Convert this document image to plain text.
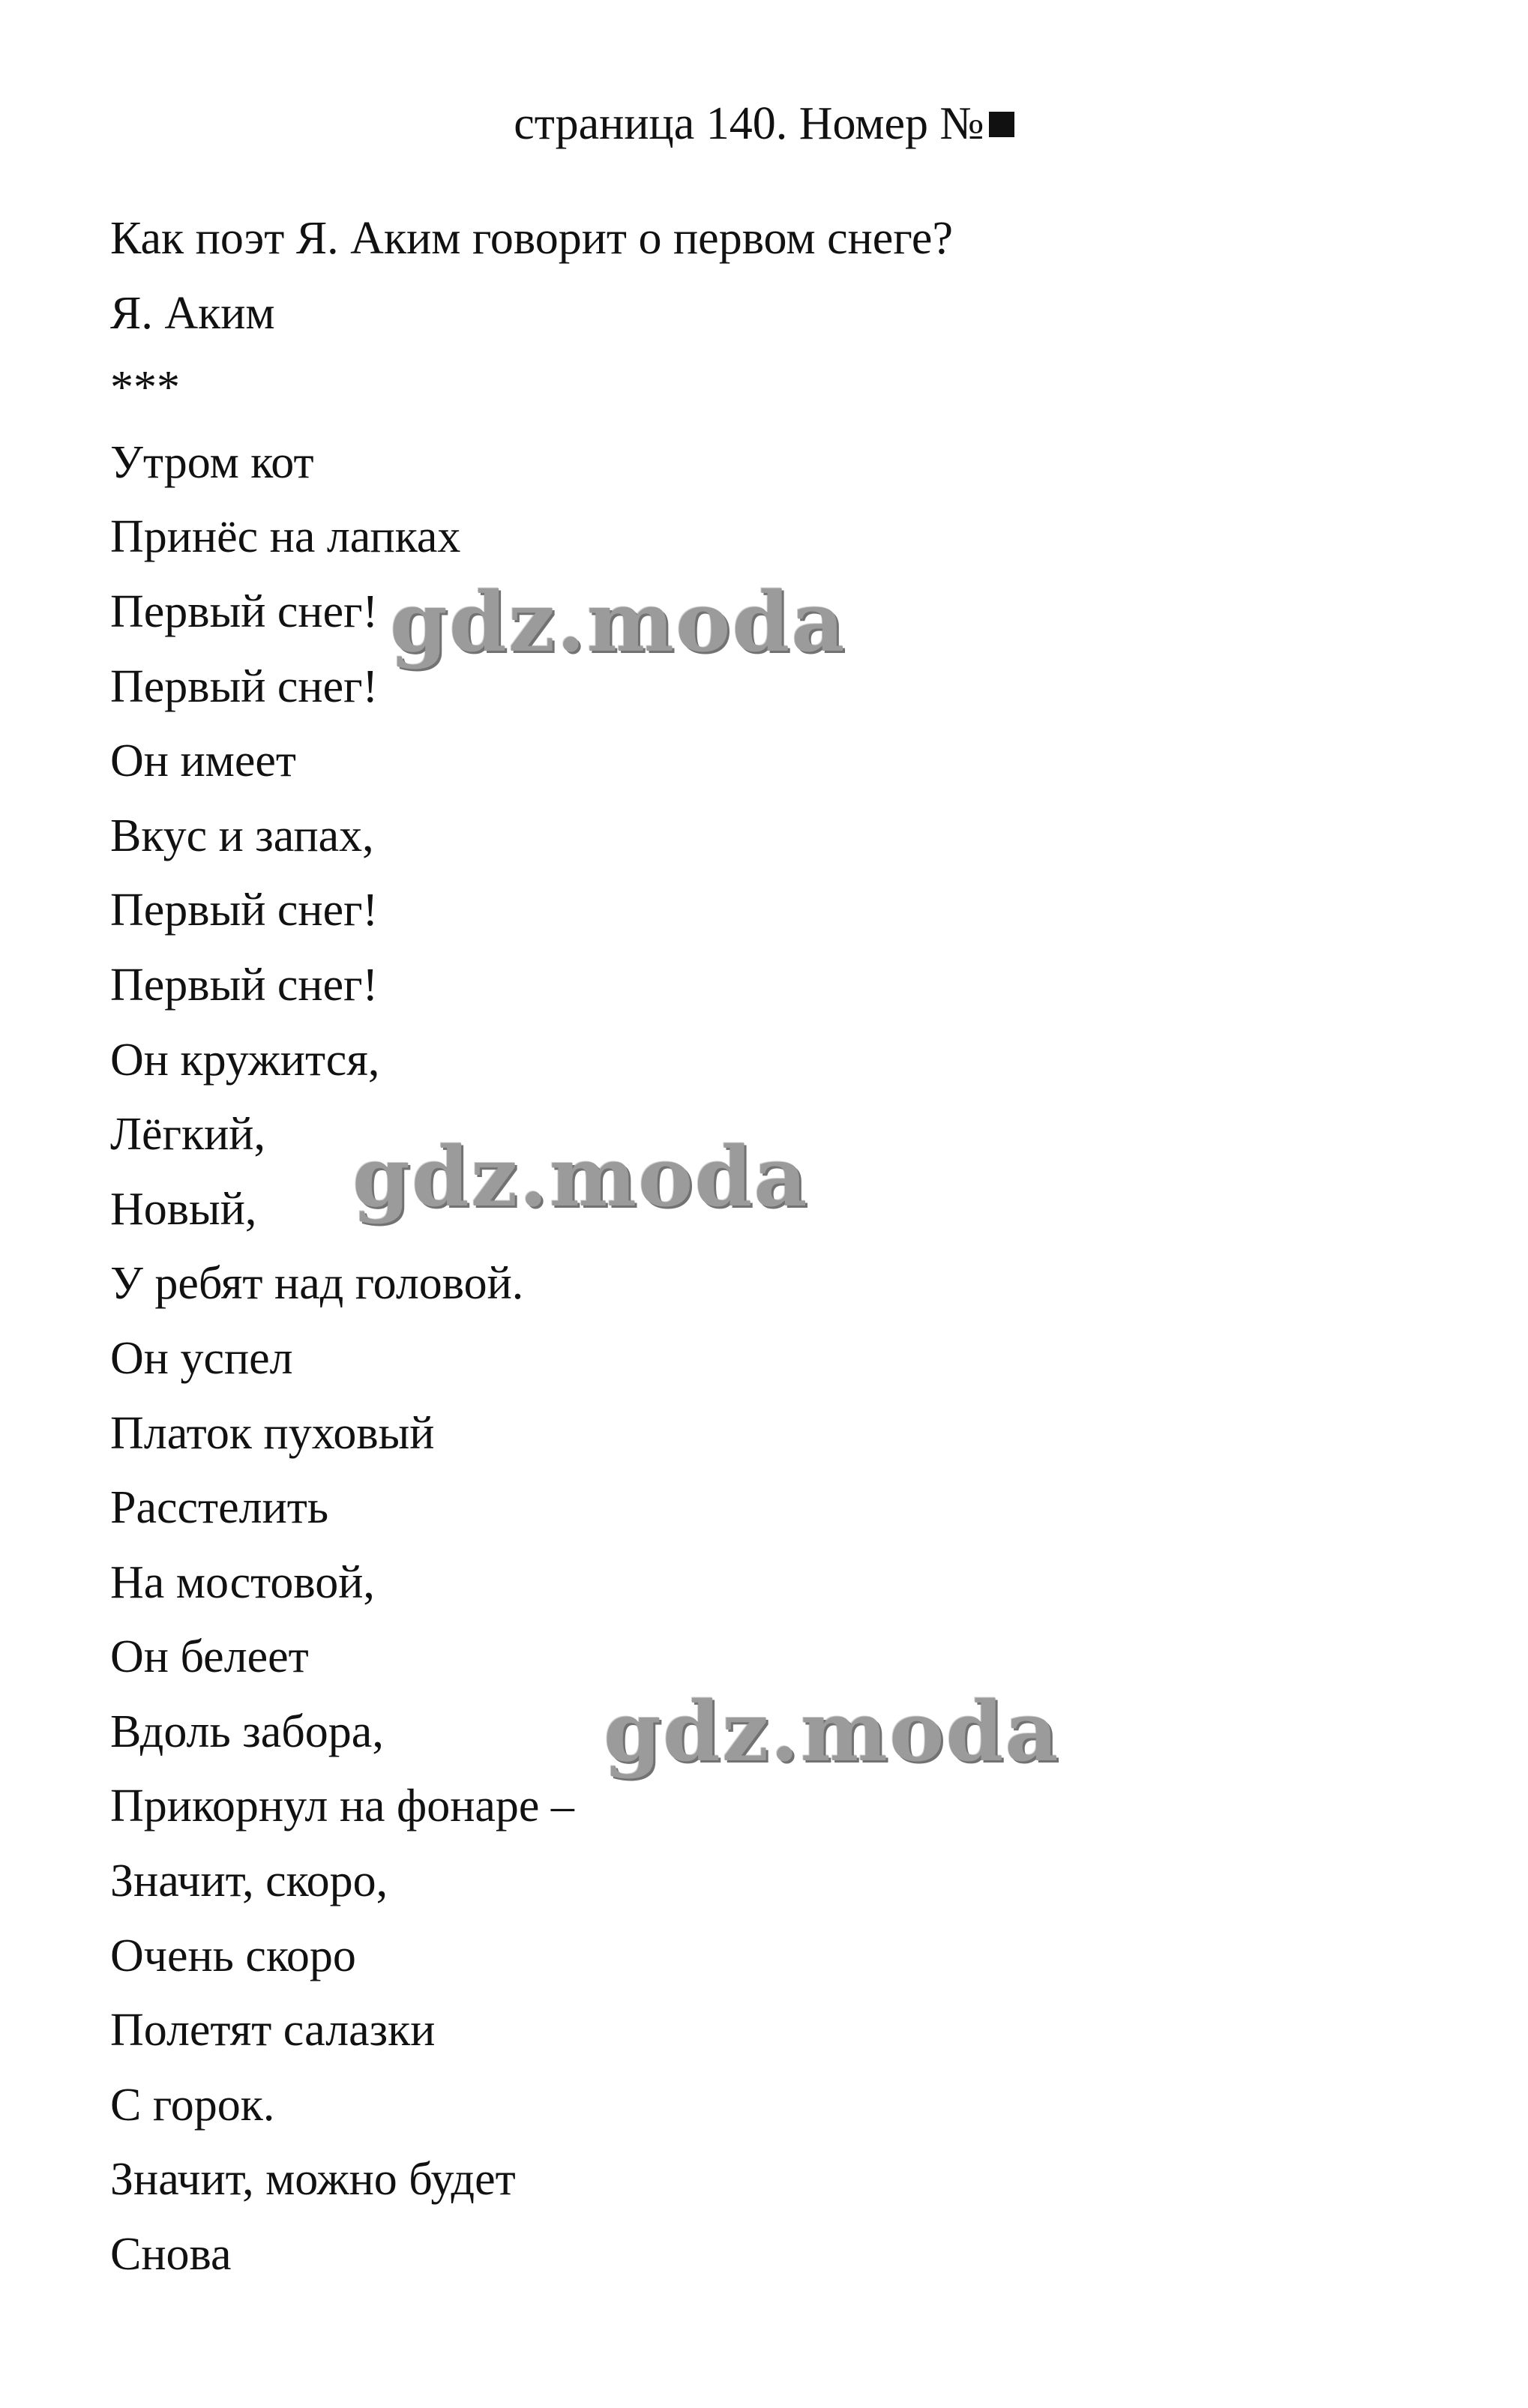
страница 140. Номер №
Как поэт Я. Аким говорит о первом снеге?
Я. Аким
***
Утром кот
Принёс на лапках
Первый снег!
Первый снег!
Он имеет
Вкус и запах,
Первый снег!
Первый снег!
Он кружится,
Лёгкий,
Новый,
У ребят над головой.
Он успел
Платок пуховый
Расстелить
На мостовой,
Он белеет
Вдоль забора,
Прикорнул на фонаре –
Значит, скоро,
Очень скоро
Полетят салазки
С горок.
Значит, можно будет
Снова
gdz.moda
gdz.moda
gdz.moda
